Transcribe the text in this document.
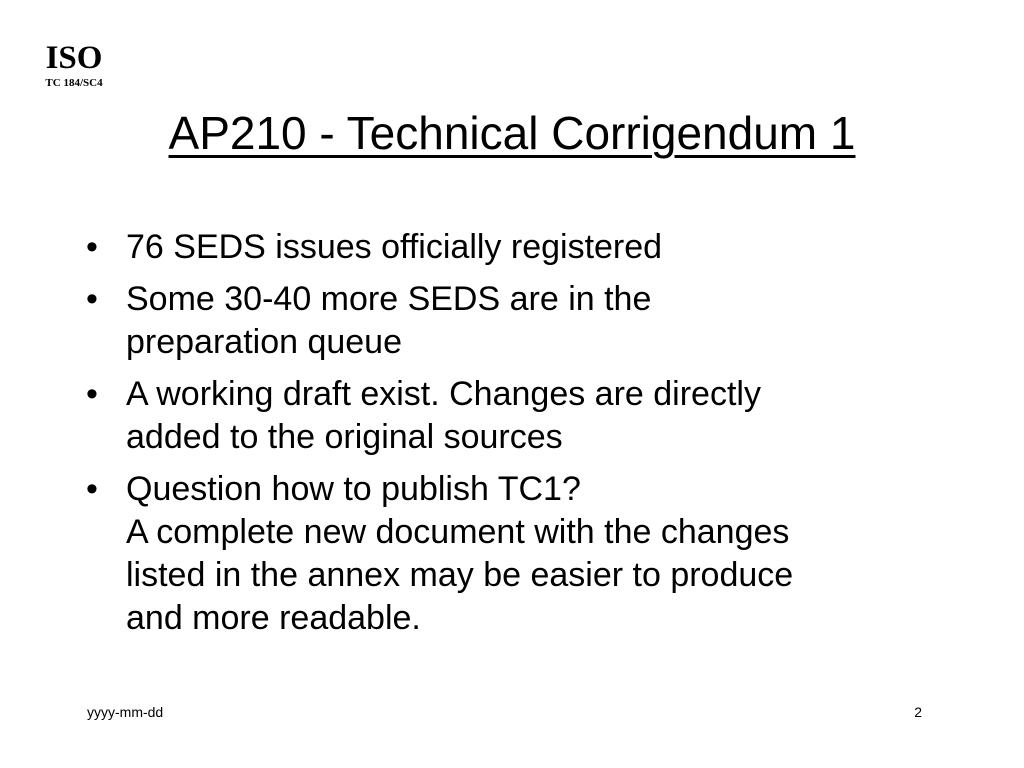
ISO
TC 184/SC4
AP210 - Technical Corrigendum 1
• 76 SEDS issues officially registered
• Some 30-40 more SEDS are in the
preparation queue
• A working draft exist. Changes are directly
added to the original sources
• Question how to publish TC1?
A complete new document with the changes
listed in the annex may be easier to produce
and more readable.
yyyy-mm-dd	2
